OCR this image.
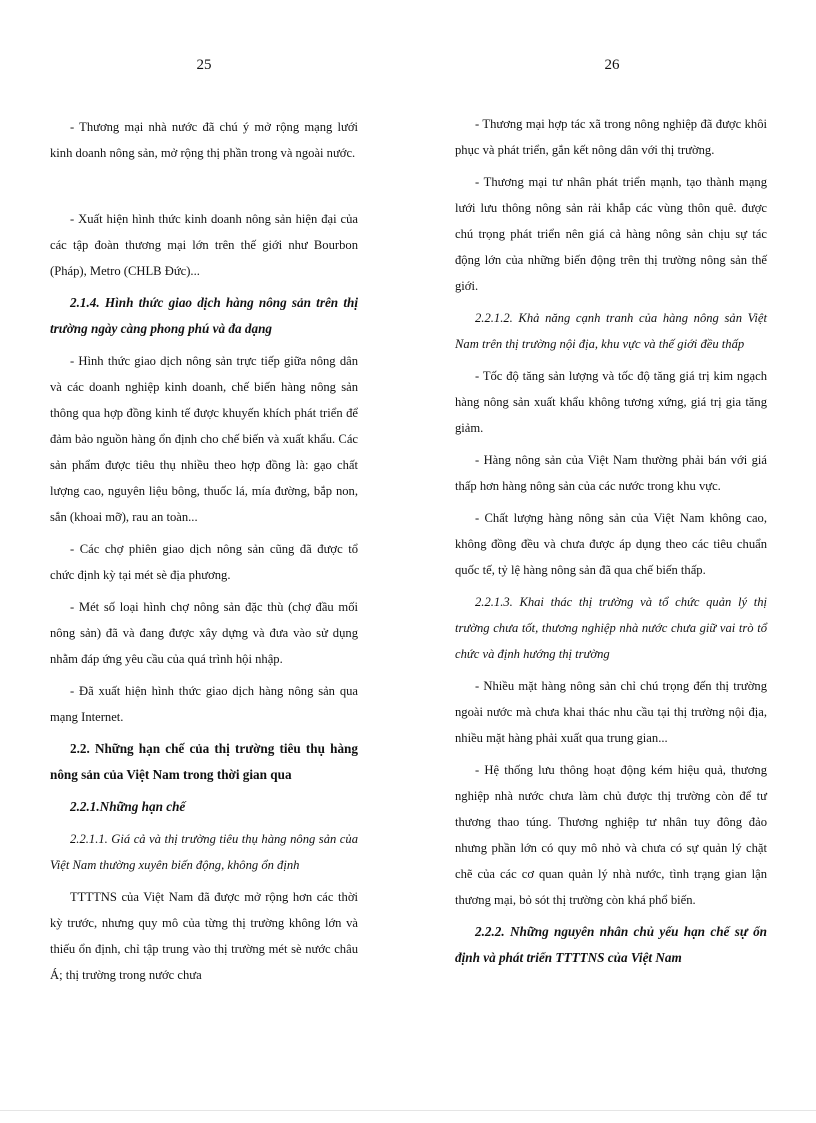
25	26

- Thương mại nhà nước đã chú ý mở rộng mạng lưới kinh doanh nông sản, mở rộng thị phần trong và ngoài nước.

- Xuất hiện hình thức kinh doanh nông sản hiện đại của các tập đoàn thương mại lớn trên thế giới như Bourbon (Pháp), Metro (CHLB Đức)...

2.1.4. Hình thức giao dịch hàng nông sản trên thị trường ngày càng phong phú và đa dạng

- Hình thức giao dịch nông sản trực tiếp giữa nông dân và các doanh nghiệp kinh doanh, chế biến hàng nông sản thông qua hợp đồng kinh tế được khuyến khích phát triển để đảm bảo nguồn hàng ổn định cho chế biến và xuất khẩu. Các sản phẩm được tiêu thụ nhiều theo hợp đồng là: gạo chất lượng cao, nguyên liệu bông, thuốc lá, mía đường, bắp non, sắn (khoai mỡ), rau an toàn...

- Các chợ phiên giao dịch nông sản cũng đã được tổ chức định kỳ tại mét sè địa phương.

- Mét số loại hình chợ nông sản đặc thù (chợ đầu mối nông sản) đã và đang được xây dựng và đưa vào sử dụng nhằm đáp ứng yêu cầu của quá trình hội nhập.

- Đã xuất hiện hình thức giao dịch hàng nông sản qua mạng Internet.

2.2. Những hạn chế của thị trường tiêu thụ hàng nông sản của Việt Nam trong thời gian qua

2.2.1.Những hạn chế

2.2.1.1. Giá cả và thị trường tiêu thụ hàng nông sản của Việt Nam thường xuyên biến động, không ổn định

TTTTNS của Việt Nam đã được mở rộng hơn các thời kỳ trước, nhưng quy mô của từng thị trường không lớn và thiếu ổn định, chỉ tập trung vào thị trường mét sè nước châu Á; thị trường trong nước chưa

- Thương mại hợp tác xã trong nông nghiệp đã được khôi phục và phát triển, gắn kết nông dân với thị trường.

- Thương mại tư nhân phát triển mạnh, tạo thành mạng lưới lưu thông nông sản rải khắp các vùng thôn quê. được chú trọng phát triển nên giá cả hàng nông sản chịu sự tác động lớn của những biến động trên thị trường nông sản thế giới.

2.2.1.2. Khả năng cạnh tranh của hàng nông sản Việt Nam trên thị trường nội địa, khu vực và thế giới đều thấp

- Tốc độ tăng sản lượng và tốc độ tăng giá trị kim ngạch hàng nông sản xuất khẩu không tương xứng, giá trị gia tăng giảm.

- Hàng nông sản của Việt Nam thường phải bán với giá thấp hơn hàng nông sản của các nước trong khu vực.

- Chất lượng hàng nông sản của Việt Nam không cao, không đồng đều và chưa được áp dụng theo các tiêu chuẩn quốc tế, tỷ lệ hàng nông sản đã qua chế biến thấp.

2.2.1.3. Khai thác thị trường và tổ chức quản lý thị trường chưa tốt, thương nghiệp nhà nước chưa giữ vai trò tổ chức và định hướng thị trường

- Nhiều mặt hàng nông sản chỉ chú trọng đến thị trường ngoài nước mà chưa khai thác nhu cầu tại thị trường nội địa, nhiều mặt hàng phải xuất qua trung gian...

- Hệ thống lưu thông hoạt động kém hiệu quả, thương nghiệp nhà nước chưa làm chủ được thị trường còn để tư thương thao túng. Thương nghiệp tư nhân tuy đông đảo nhưng phần lớn có quy mô nhỏ và chưa có sự quản lý chặt chẽ của các cơ quan quản lý nhà nước, tình trạng gian lận thương mại, bỏ sót thị trường còn khá phổ biến.

2.2.2. Những nguyên nhân chủ yếu hạn chế sự ổn định và phát triển TTTTNS của Việt Nam
